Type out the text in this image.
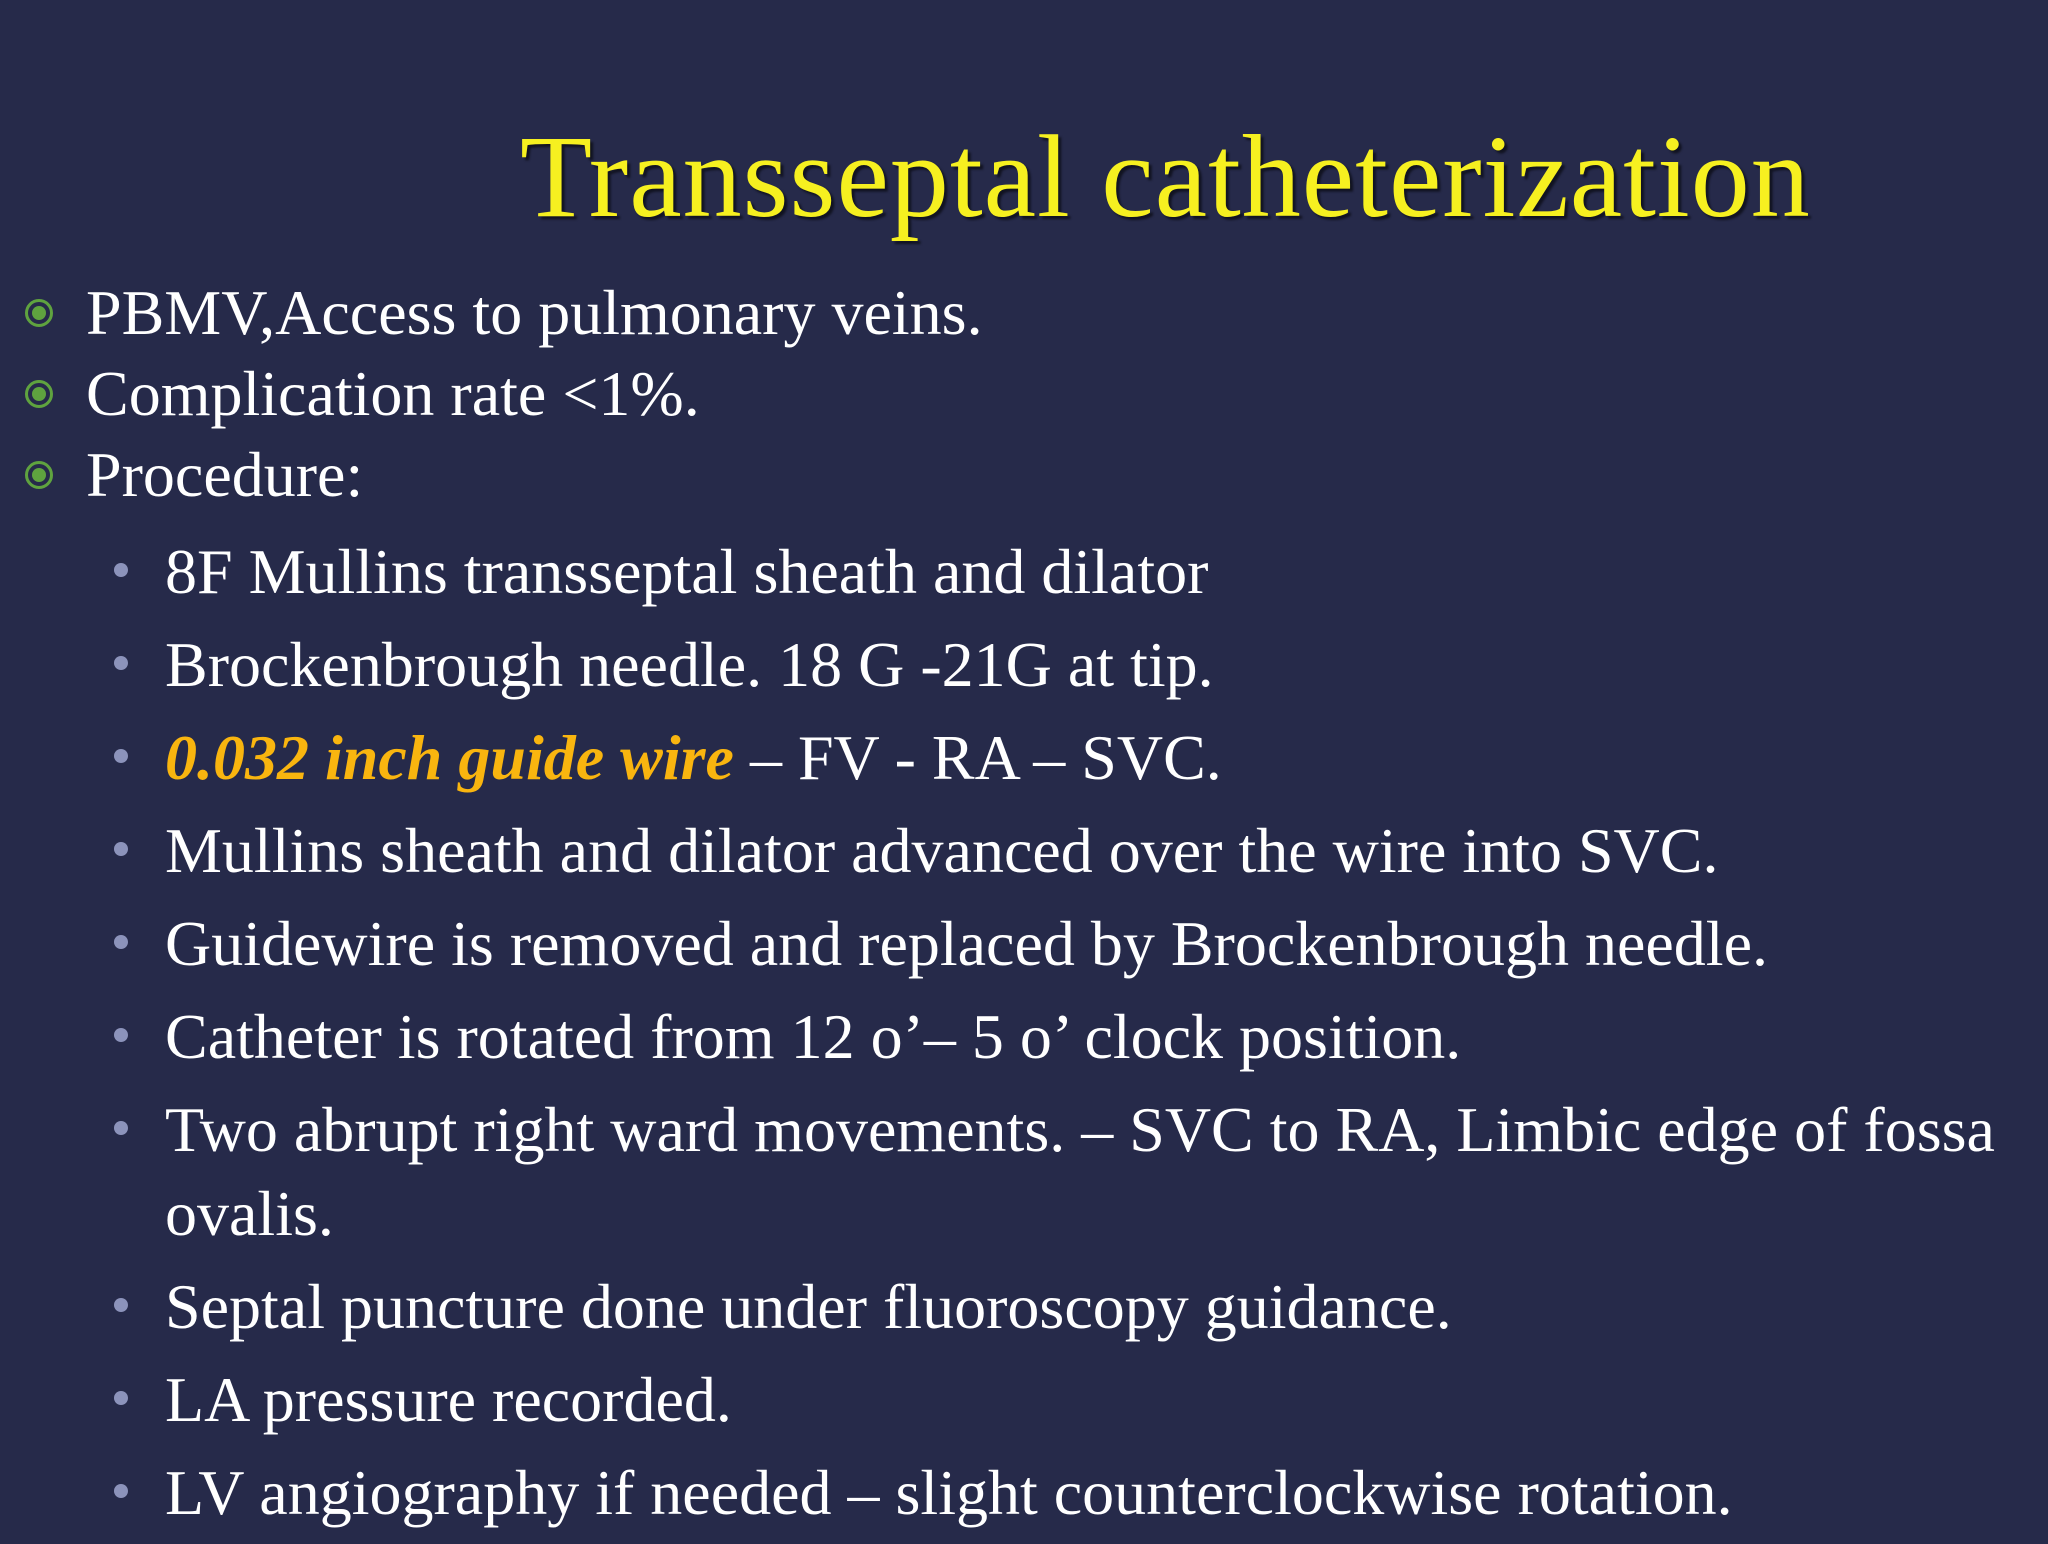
Transseptal catheterization
PBMV,Access to pulmonary veins.
Complication rate <1%.
Procedure:
8F Mullins transseptal sheath and dilator
Brockenbrough needle. 18 G -21G at tip.
0.032 inch guide wire – FV - RA – SVC.
Mullins sheath and dilator advanced over the wire into SVC.
Guidewire is removed and replaced by Brockenbrough needle.
Catheter is rotated from 12 o’– 5 o’ clock position.
Two abrupt right ward movements. – SVC to RA, Limbic edge of fossa ovalis.
Septal puncture done under fluoroscopy guidance.
LA pressure recorded.
LV angiography if needed – slight counterclockwise rotation.
